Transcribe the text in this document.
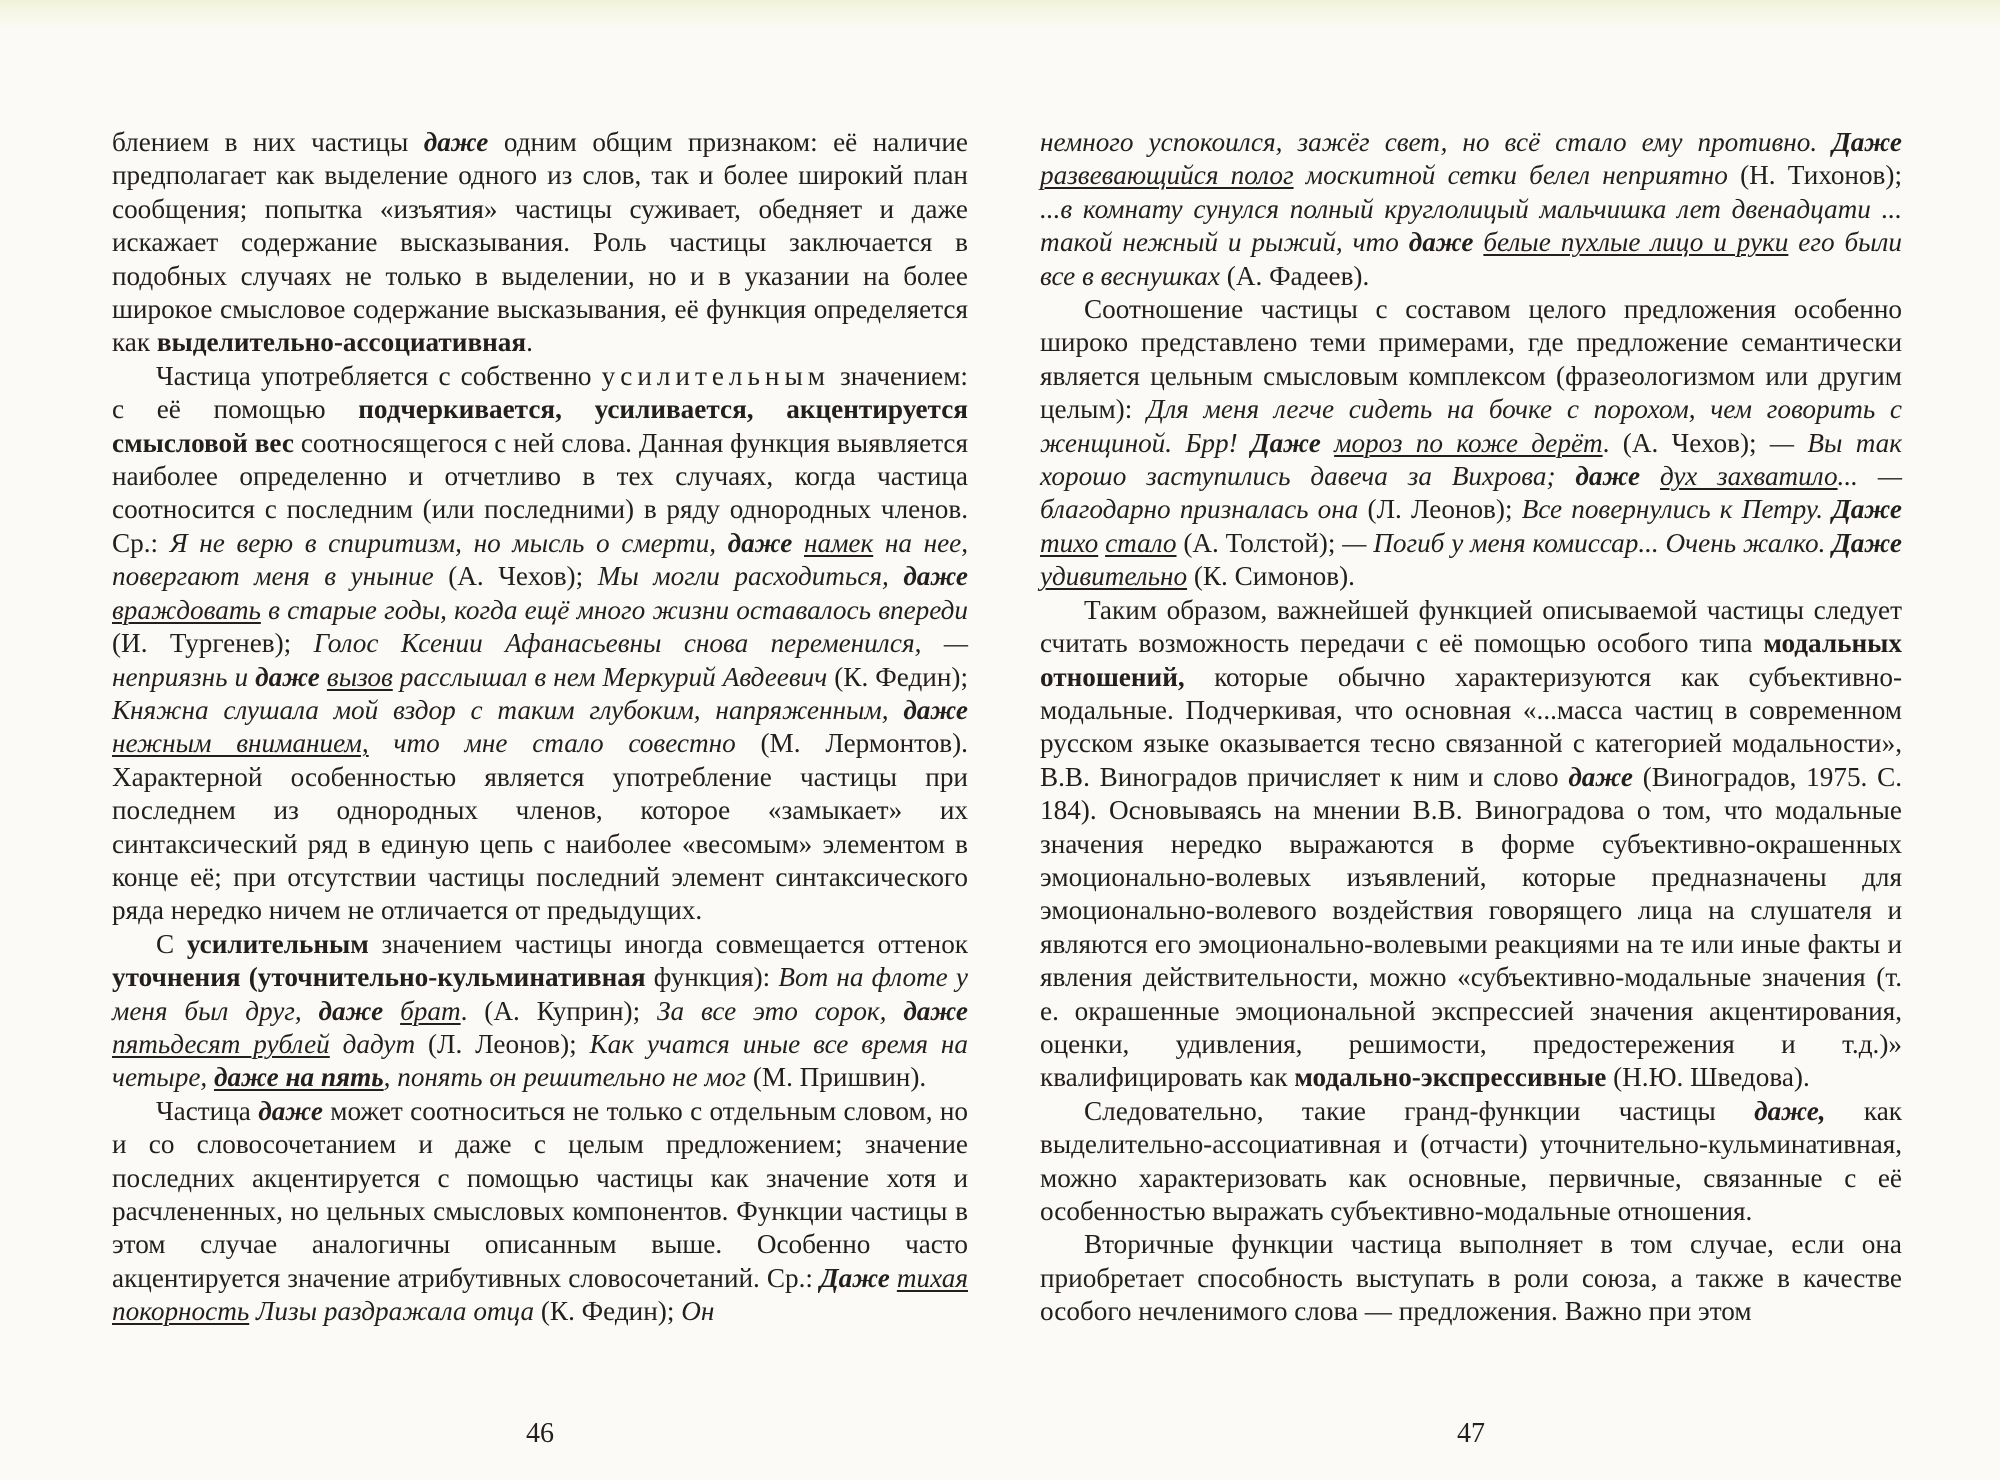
блением в них частицы даже одним общим признаком: её наличие предполагает как выделение одного из слов, так и более широкий план сообщения; попытка «изъятия» частицы суживает, обедняет и даже искажает содержание высказывания. Роль частицы заключается в подобных случаях не только в выделении, но и в указании на более широкое смысловое содержание высказывания, её функция определяется как выделительно-ассоциативная.

Частица употребляется с собственно усилительным значением: с её помощью подчеркивается, усиливается, акцентируется смысловой вес соотносящегося с ней слова. Данная функция выявляется наиболее определенно и отчетливо в тех случаях, когда частица соотносится с последним (или последними) в ряду однородных членов. Ср.: Я не верю в спиритизм, но мысль о смерти, даже намек на нее, повергают меня в уныние (А. Чехов); Мы могли расходиться, даже враждовать в старые годы, когда ещё много жизни оставалось впереди (И. Тургенев); Голос Ксении Афанасьевны снова переменился, — неприязнь и даже вызов расслышал в нем Меркурий Авдеевич (К. Федин); Княжна слушала мой вздор с таким глубоким, напряженным, даже нежным вниманием, что мне стало совестно (М. Лермонтов). Характерной особенностью является употребление частицы при последнем из однородных членов, которое «замыкает» их синтаксический ряд в единую цепь с наиболее «весомым» элементом в конце её; при отсутствии частицы последний элемент синтаксического ряда нередко ничем не отличается от предыдущих.

С усилительным значением частицы иногда совмещается оттенок уточнения (уточнительно-кульминативная функция): Вот на флоте у меня был друг, даже брат. (А. Куприн); За все это сорок, даже пятьдесят рублей дадут (Л. Леонов); Как учатся иные все время на четыре, даже на пять, понять он решительно не мог (М. Пришвин).

Частица даже может соотноситься не только с отдельным словом, но и со словосочетанием и даже с целым предложением; значение последних акцентируется с помощью частицы как значение хотя и расчлененных, но цельных смысловых компонентов. Функции частицы в этом случае аналогичны описанным выше. Особенно часто акцентируется значение атрибутивных словосочетаний. Ср.: Даже тихая покорность Лизы раздражала отца (К. Федин); Он

46

немного успокоился, зажёг свет, но всё стало ему противно. Даже развевающийся полог москитной сетки белел неприятно (Н. Тихонов); ...в комнату сунулся полный круглолицый мальчишка лет двенадцати ... такой нежный и рыжий, что даже белые пухлые лицо и руки его были все в веснушках (А. Фадеев).

Соотношение частицы с составом целого предложения особенно широко представлено теми примерами, где предложение семантически является цельным смысловым комплексом (фразеологизмом или другим целым): Для меня легче сидеть на бочке с порохом, чем говорить с женщиной. Брр! Даже мороз по коже дерёт. (А. Чехов); — Вы так хорошо заступились давеча за Вихрова; даже дух захватило... — благодарно призналась она (Л. Леонов); Все повернулись к Петру. Даже тихо стало (А. Толстой); — Погиб у меня комиссар... Очень жалко. Даже удивительно (К. Симонов).

Таким образом, важнейшей функцией описываемой частицы следует считать возможность передачи с её помощью особого типа модальных отношений, которые обычно характеризуются как субъективно-модальные. Подчеркивая, что основная «...масса частиц в современном русском языке оказывается тесно связанной с категорией модальности», В.В. Виноградов причисляет к ним и слово даже (Виноградов, 1975. С. 184). Основываясь на мнении В.В. Виноградова о том, что модальные значения нередко выражаются в форме субъективно-окрашенных эмоционально-волевых изъявлений, которые предназначены для эмоционально-волевого воздействия говорящего лица на слушателя и являются его эмоционально-волевыми реакциями на те или иные факты и явления действительности, можно «субъективно-модальные значения (т. е. окрашенные эмоциональной экспрессией значения акцентирования, оценки, удивления, решимости, предостережения и т.д.)» квалифицировать как модально-экспрессивные (Н.Ю. Шведова).

Следовательно, такие гранд-функции частицы даже, как выделительно-ассоциативная и (отчасти) уточнительно-кульминативная, можно характеризовать как основные, первичные, связанные с её особенностью выражать субъективно-модальные отношения.

Вторичные функции частица выполняет в том случае, если она приобретает способность выступать в роли союза, а также в качестве особого нечленимого слова — предложения. Важно при этом

47
